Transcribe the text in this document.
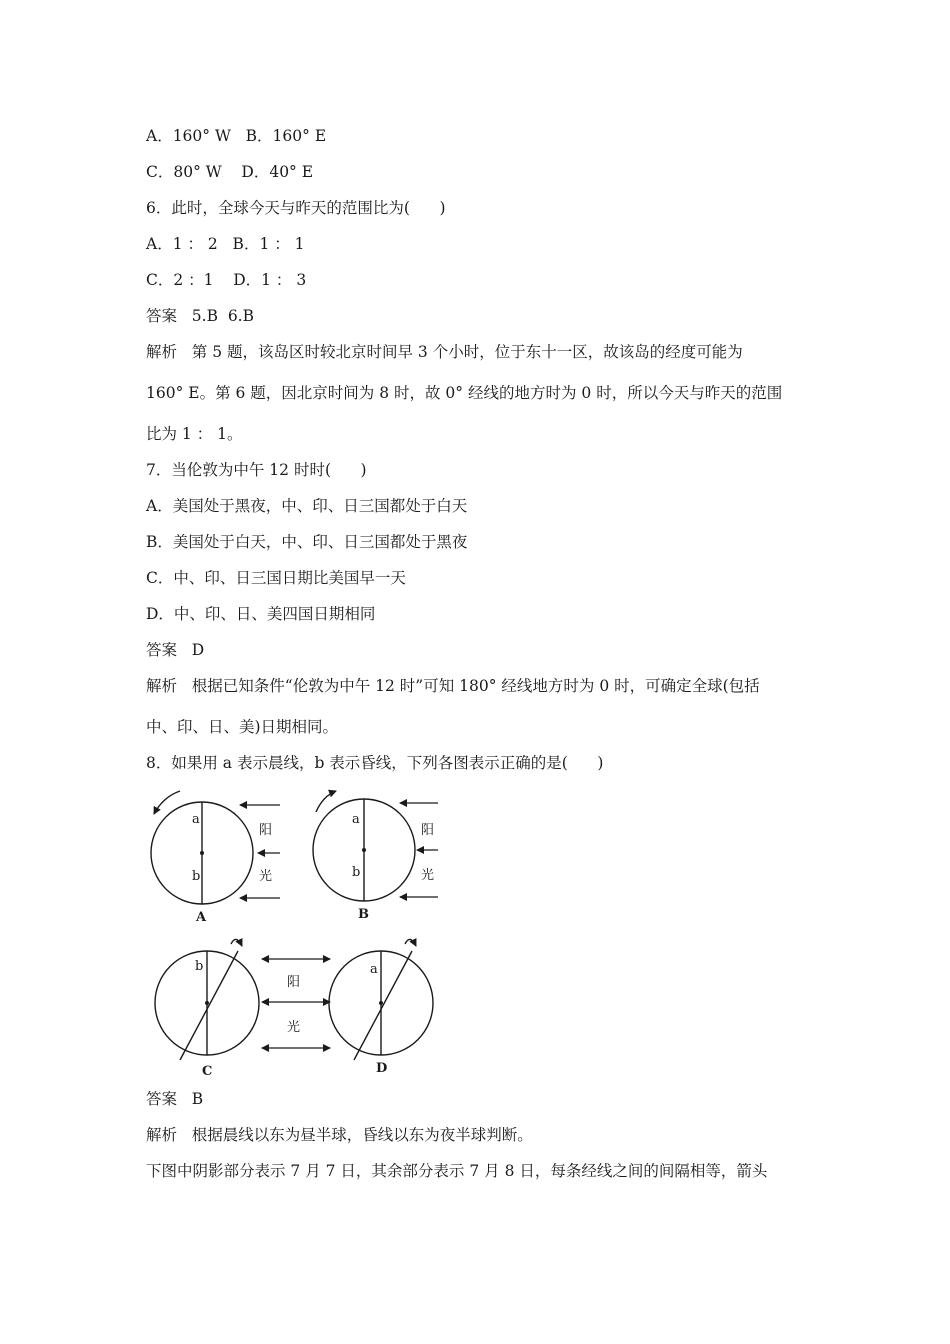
A．160° W   B．160° E

C．80° W    D．40° E

6．此时，全球今天与昨天的范围比为(      )

A．1 ： 2   B．1 ： 1

C．2 ：1    D．1 ： 3

答案   5.B  6.B

解析   第 5 题，该岛区时较北京时间早 3 个小时，位于东十一区，故该岛的经度可能为

160° E。第 6 题，因北京时间为 8 时，故 0° 经线的地方时为 0 时，所以今天与昨天的范围

比为 1 ： 1。

7．当伦敦为中午 12 时时(      )

A．美国处于黑夜，中、印、日三国都处于白天

B．美国处于白天，中、印、日三国都处于黑夜

C．中、印、日三国日期比美国早一天

D．中、印、日、美四国日期相同

答案   D

解析   根据已知条件“伦敦为中午 12 时”可知 180° 经线地方时为 0 时，可确定全球(包括

中、印、日、美)日期相同。

8．如果用 a 表示晨线，b 表示昏线，下列各图表示正确的是(      )

a
b
阳
光
A
a
b
阳
光
B
b
C
阳
光
a
D

答案   B

解析   根据晨线以东为昼半球，昏线以东为夜半球判断。

下图中阴影部分表示 7 月 7 日，其余部分表示 7 月 8 日，每条经线之间的间隔相等，箭头
